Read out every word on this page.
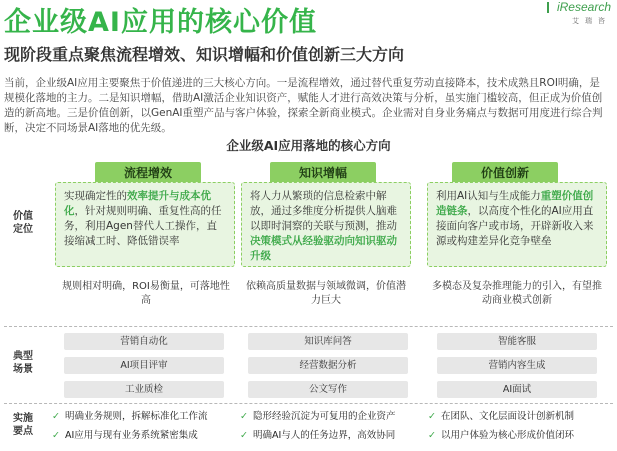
企业级AI应用的核心价值	iResearch
艾瑞咨
现阶段重点聚焦流程增效、知识增幅和价值创新三大方向
当前，企业级AI应用主要聚焦于价值递进的三大核心方向。一是流程增效，通过替代重复劳动直接降本，技术成熟且ROI明确，是规模化落地的主力。二是知识增幅，借助AI激活企业知识资产，赋能人才进行高效决策与分析，虽实施门槛较高，但正成为价值创造的新高地。三是价值创新，以GenAI重塑产品与客户体验，探索全新商业模式。企业需对自身业务痛点与数据可用度进行综合判断，决定不同场景AI落地的优先级。
企业级AI应用落地的核心方向
价值
定位
典型
场景
实施
要点
流程增效
实现确定性的效率提升与成本优化，针对规则明确、重复性高的任务，利用Agen替代人工操作，直接缩减工时、降低错误率
规则相对明确，ROI易衡量，可落地性高
知识增幅
将人力从繁琐的信息检索中解放，通过多维度分析提供人脑难以即时洞察的关联与预测，推动决策模式从经验驱动向知识驱动升级
依赖高质量数据与领域微调，价值潜力巨大
价值创新
利用AI认知与生成能力重塑价值创造链条，以高度个性化的AI应用直接面向客户或市场，开辟新收入来源或构建差异化竞争壁垒
多模态及复杂推理能力的引入，有望推动商业模式创新
营销自动化
AI项目评审
工业质检
知识库问答
经营数据分析
公文写作
智能客服
营销内容生成
AI面试
✓ 明确业务规则，拆解标准化工作流
✓ AI应用与现有业务系统紧密集成
✓ 隐形经验沉淀为可复用的企业资产
✓ 明确AI与人的任务边界，高效协同
✓ 在团队、文化层面设计创新机制
✓ 以用户体验为核心形成价值闭环
